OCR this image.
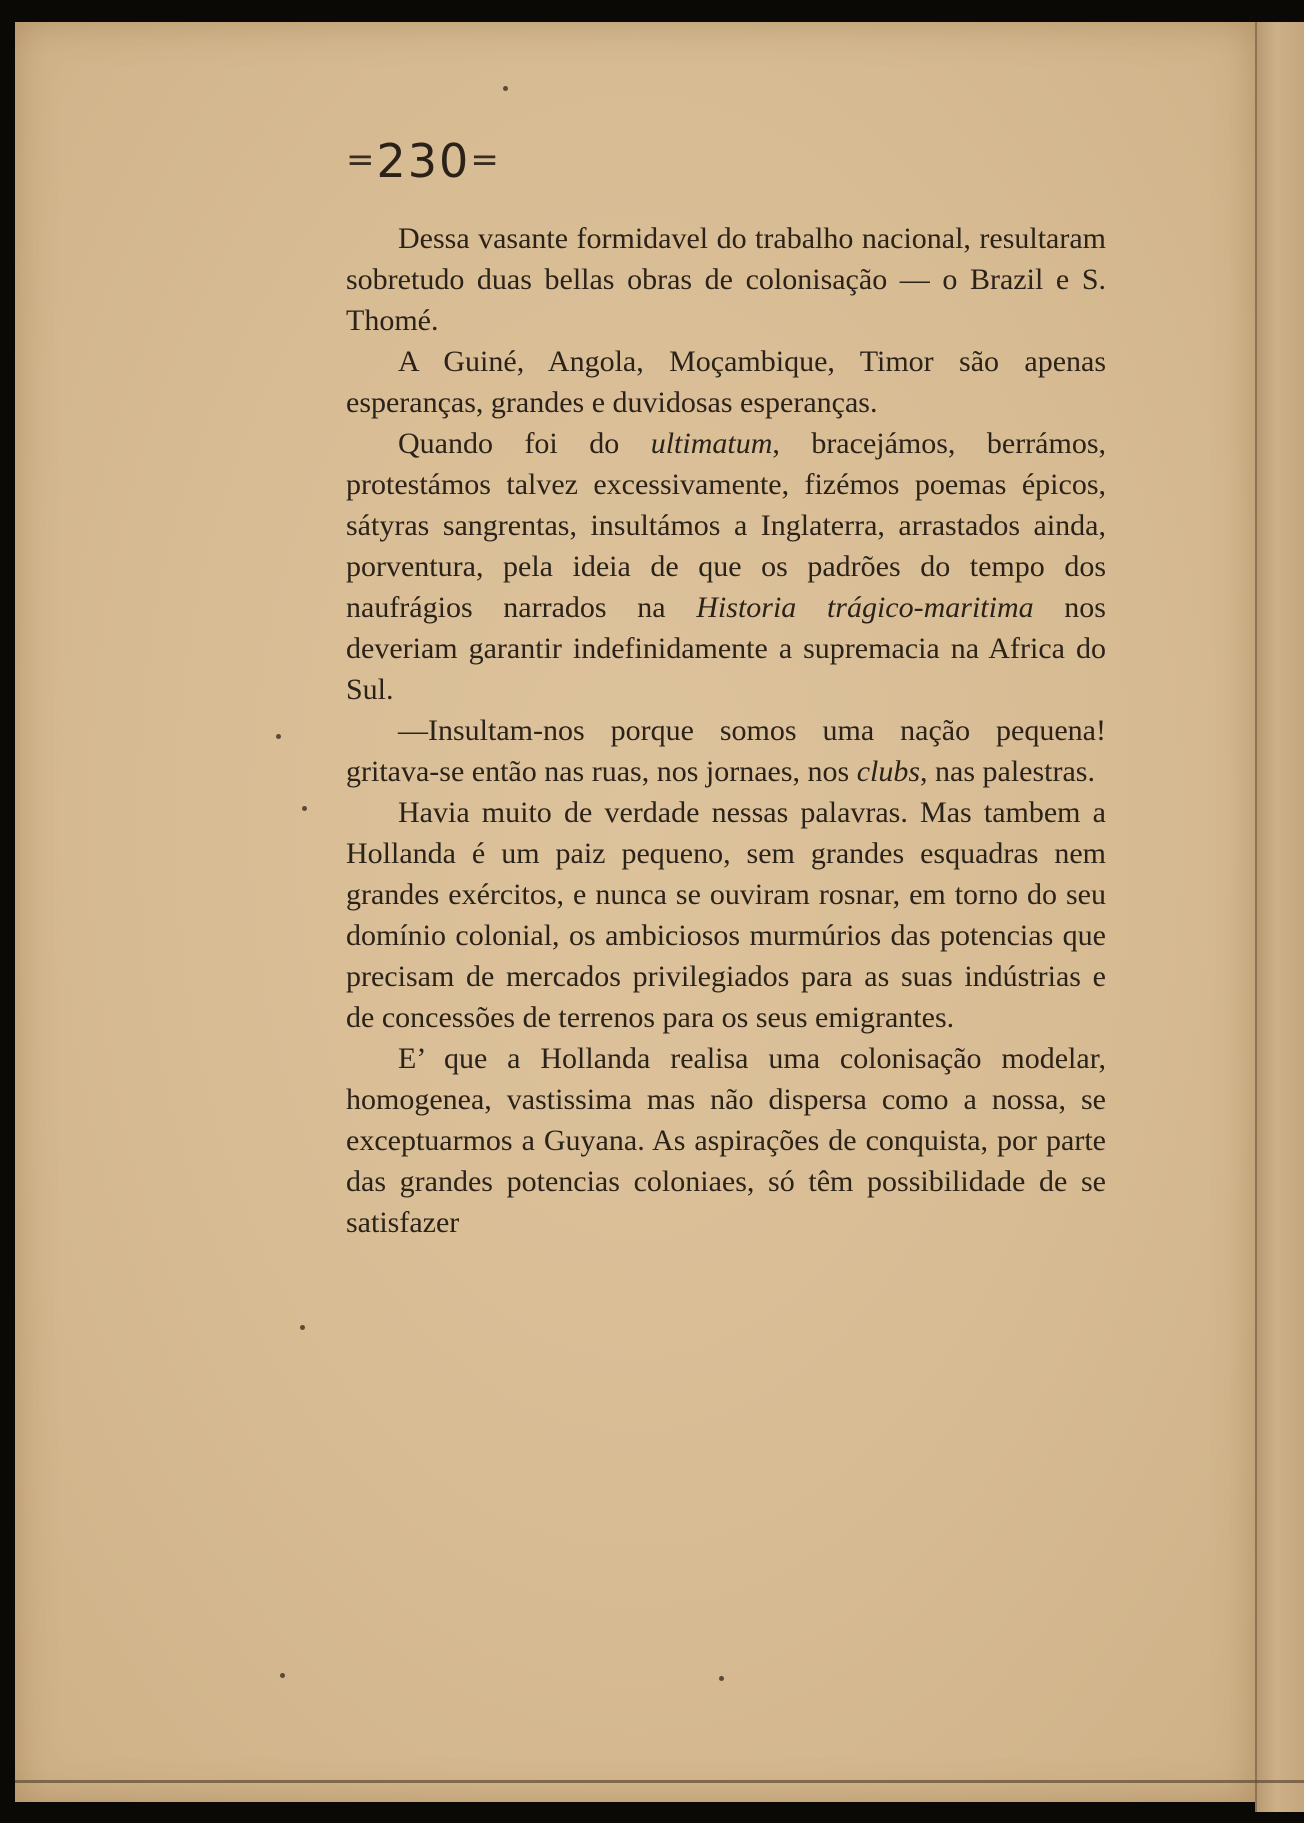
=230=

Dessa vasante formidavel do trabalho nacional, resultaram sobretudo duas bellas obras de colonisação — o Brazil e S. Thomé.

A Guiné, Angola, Moçambique, Timor são apenas esperanças, grandes e duvidosas esperanças.

Quando foi do ultimatum, bracejámos, berrámos, protestámos talvez excessivamente, fizémos poemas épicos, sátyras sangrentas, insultámos a Inglaterra, arrastados ainda, porventura, pela ideia de que os padrões do tempo dos naufrágios narrados na Historia trágico-maritima nos deveriam garantir indefinidamente a supremacia na Africa do Sul.

—Insultam-nos porque somos uma nação pequena! gritava-se então nas ruas, nos jornaes, nos clubs, nas palestras.

Havia muito de verdade nessas palavras. Mas tambem a Hollanda é um paiz pequeno, sem grandes esquadras nem grandes exércitos, e nunca se ouviram rosnar, em torno do seu domínio colonial, os ambiciosos murmúrios das potencias que precisam de mercados privilegiados para as suas indústrias e de concessões de terrenos para os seus emigrantes.

E’ que a Hollanda realisa uma colonisação modelar, homogenea, vastissima mas não dispersa como a nossa, se exceptuarmos a Guyana. As aspirações de conquista, por parte das grandes potencias coloniaes, só têm possibilidade de se satisfazer
